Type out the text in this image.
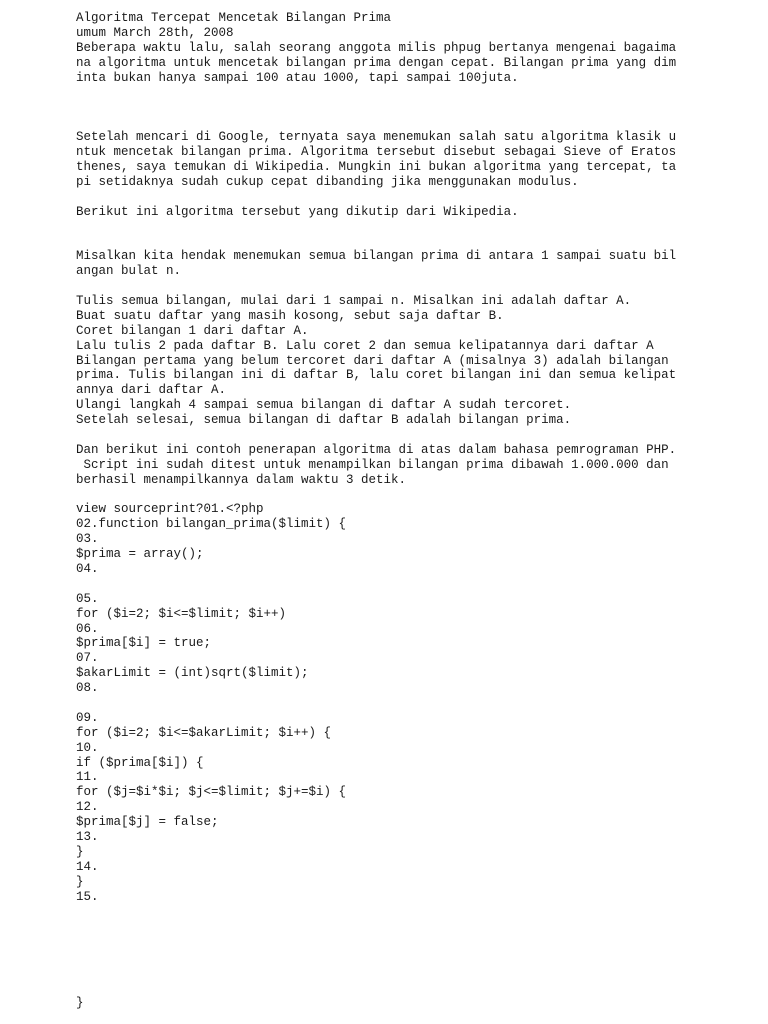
Algoritma Tercepat Mencetak Bilangan Prima
umum March 28th, 2008
Beberapa waktu lalu, salah seorang anggota milis phpug bertanya mengenai bagaima
na algoritma untuk mencetak bilangan prima dengan cepat. Bilangan prima yang dim
inta bukan hanya sampai 100 atau 1000, tapi sampai 100juta.
Setelah mencari di Google, ternyata saya menemukan salah satu algoritma klasik u
ntuk mencetak bilangan prima. Algoritma tersebut disebut sebagai Sieve of Eratos
thenes, saya temukan di Wikipedia. Mungkin ini bukan algoritma yang tercepat, ta
pi setidaknya sudah cukup cepat dibanding jika menggunakan modulus.
Berikut ini algoritma tersebut yang dikutip dari Wikipedia.
Misalkan kita hendak menemukan semua bilangan prima di antara 1 sampai suatu bil
angan bulat n.
Tulis semua bilangan, mulai dari 1 sampai n. Misalkan ini adalah daftar A.
Buat suatu daftar yang masih kosong, sebut saja daftar B.
Coret bilangan 1 dari daftar A.
Lalu tulis 2 pada daftar B. Lalu coret 2 dan semua kelipatannya dari daftar A
Bilangan pertama yang belum tercoret dari daftar A (misalnya 3) adalah bilangan
prima. Tulis bilangan ini di daftar B, lalu coret bilangan ini dan semua kelipat
annya dari daftar A.
Ulangi langkah 4 sampai semua bilangan di daftar A sudah tercoret.
Setelah selesai, semua bilangan di daftar B adalah bilangan prima.
Dan berikut ini contoh penerapan algoritma di atas dalam bahasa pemrograman PHP.
Script ini sudah ditest untuk menampilkan bilangan prima dibawah 1.000.000 dan
berhasil menampilkannya dalam waktu 3 detik.
view sourceprint?01.<?php
02.function bilangan_prima($limit) {
03.
$prima = array();
04.
05.
for ($i=2; $i<=$limit; $i++)
06.
$prima[$i] = true;
07.
$akarLimit = (int)sqrt($limit);
08.
09.
for ($i=2; $i<=$akarLimit; $i++) {
10.
if ($prima[$i]) {
11.
for ($j=$i*$i; $j<=$limit; $j+=$i) {
12.
$prima[$j] = false;
13.
}
14.
}
15.
}
